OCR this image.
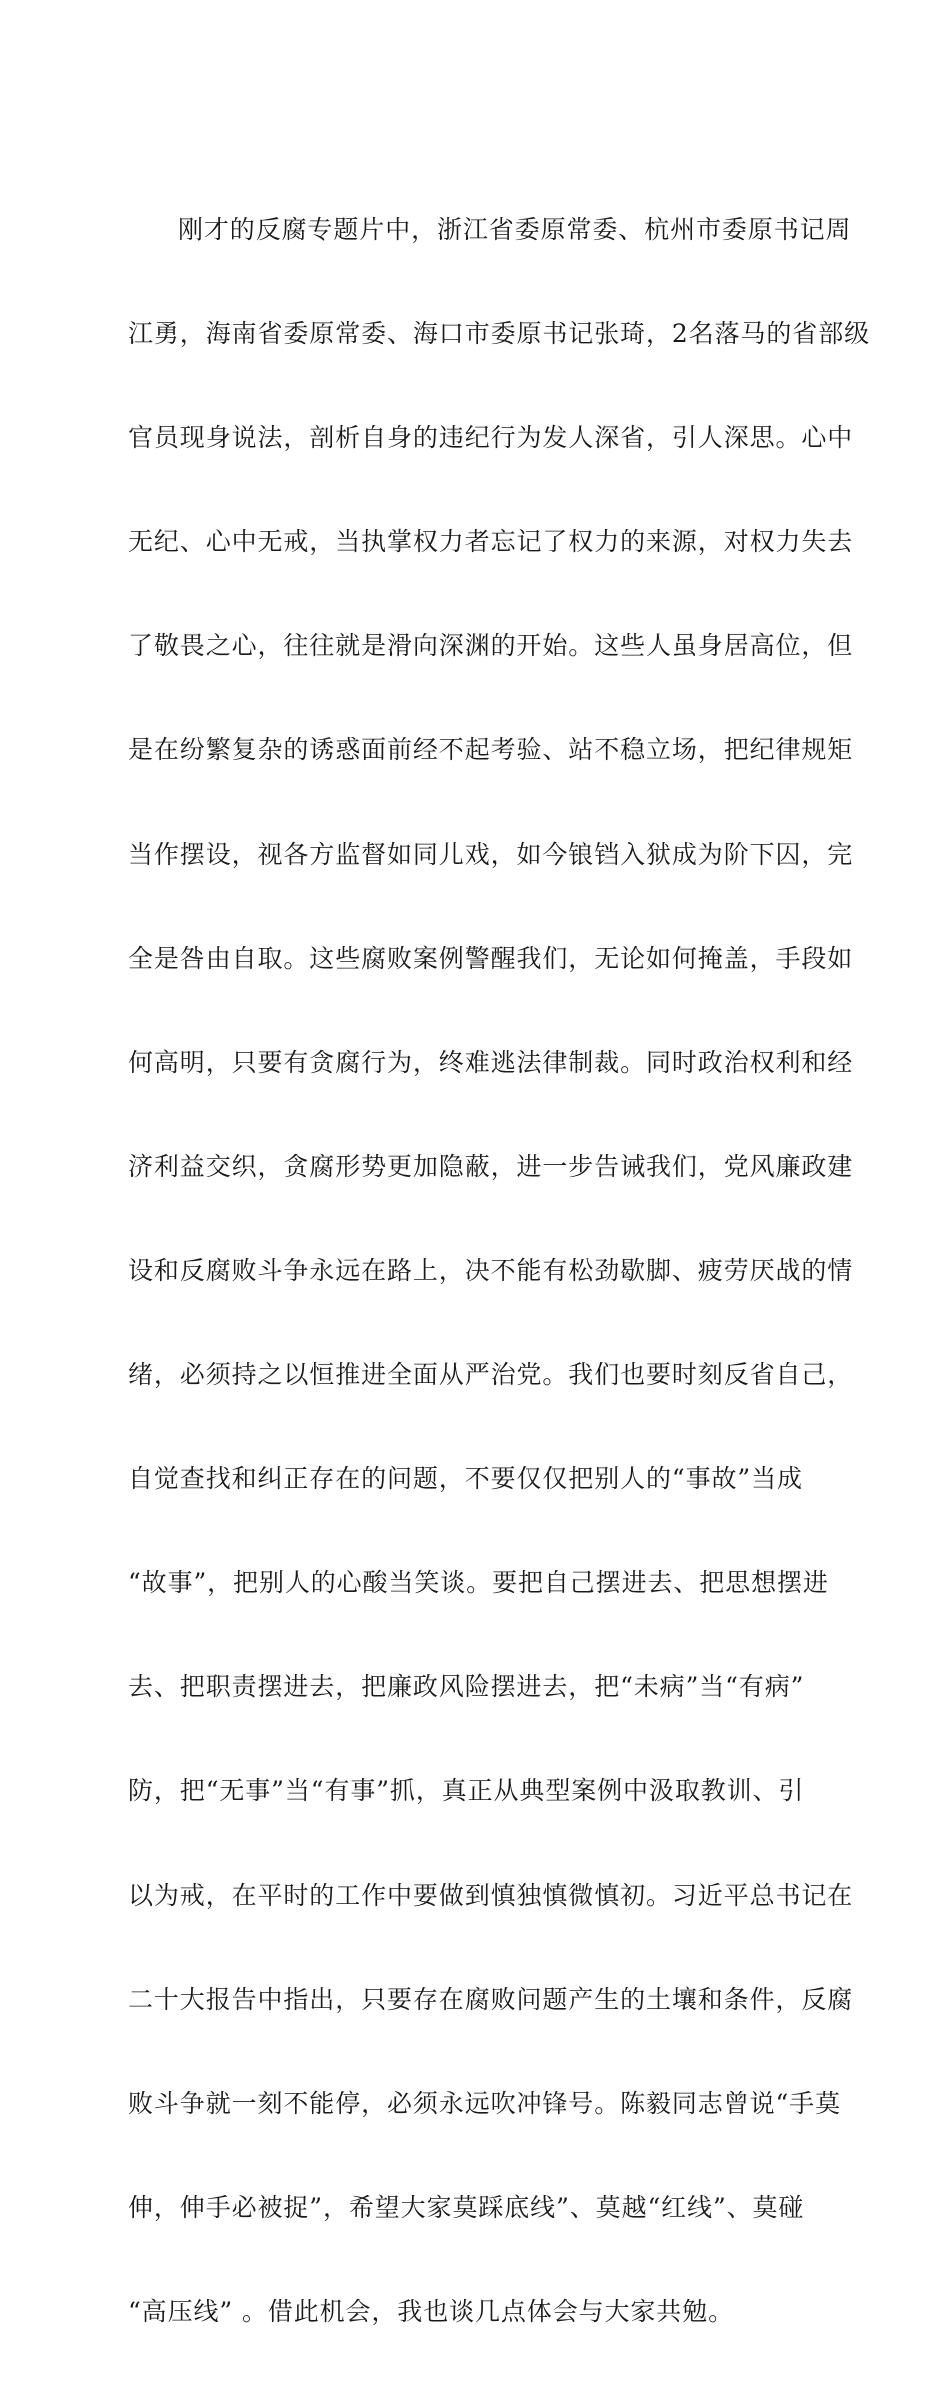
刚才的反腐专题片中，浙江省委原常委、杭州市委原书记周

江勇，海南省委原常委、海口市委原书记张琦，2名落马的省部级

官员现身说法，剖析自身的违纪行为发人深省，引人深思。心中

无纪、心中无戒，当执掌权力者忘记了权力的来源，对权力失去

了敬畏之心，往往就是滑向深渊的开始。这些人虽身居高位，但

是在纷繁复杂的诱惑面前经不起考验、站不稳立场，把纪律规矩

当作摆设，视各方监督如同儿戏，如今锒铛入狱成为阶下囚，完

全是咎由自取。这些腐败案例警醒我们，无论如何掩盖，手段如

何高明，只要有贪腐行为，终难逃法律制裁。同时政治权利和经

济利益交织，贪腐形势更加隐蔽，进一步告诫我们，党风廉政建

设和反腐败斗争永远在路上，决不能有松劲歇脚、疲劳厌战的情

绪，必须持之以恒推进全面从严治党。我们也要时刻反省自己，

自觉查找和纠正存在的问题，不要仅仅把别人的“事故”当成

“故事”，把别人的心酸当笑谈。要把自己摆进去、把思想摆进

去、把职责摆进去，把廉政风险摆进去，把“未病”当“有病”

防，把“无事”当“有事”抓，真正从典型案例中汲取教训、引

以为戒，在平时的工作中要做到慎独慎微慎初。习近平总书记在

二十大报告中指出，只要存在腐败问题产生的土壤和条件，反腐

败斗争就一刻不能停，必须永远吹冲锋号。陈毅同志曾说“手莫

伸，伸手必被捉”，希望大家莫踩底线”、莫越“红线”、莫碰

“高压线” 。借此机会，我也谈几点体会与大家共勉。
